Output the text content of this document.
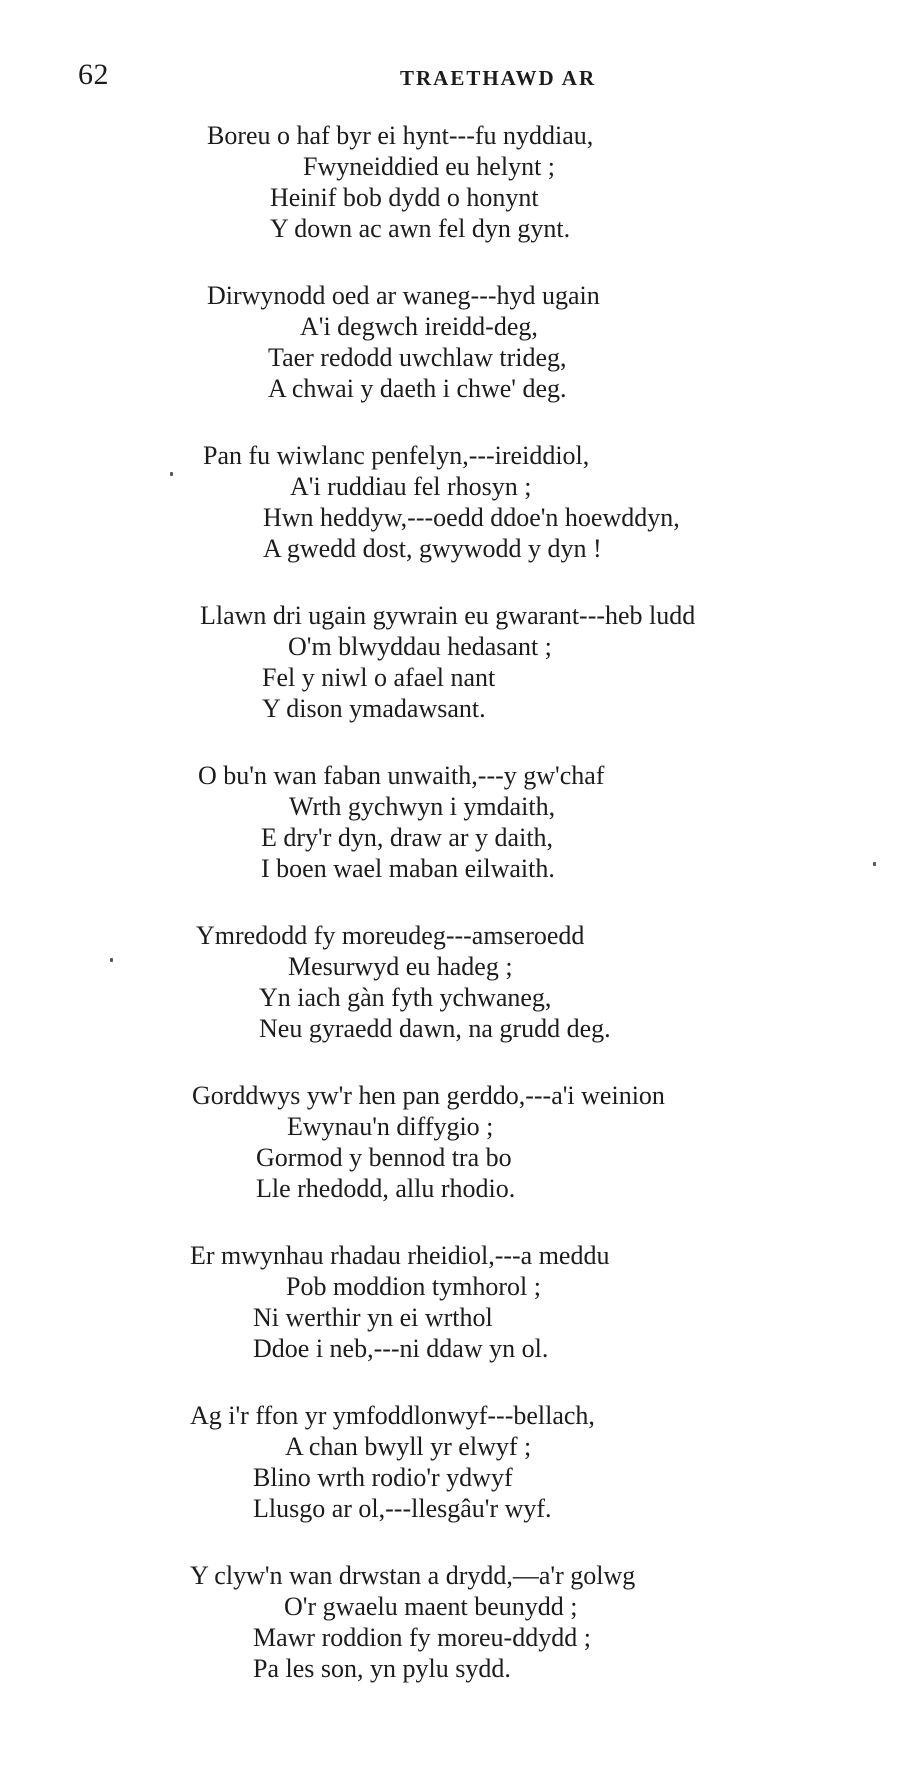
62	TRAETHAWD AR
Boreu o haf byr ei hynt---fu nyddiau,
Fwyneiddied eu helynt ;
Heinif bob dydd o honynt
Y down ac awn fel dyn gynt.
Dirwynodd oed ar waneg---hyd ugain
A'i degwch ireidd-deg,
Taer redodd uwchlaw trideg,
A chwai y daeth i chwe' deg.
Pan fu wiwlanc penfelyn,---ireiddiol,
A'i ruddiau fel rhosyn ;
Hwn heddyw,---oedd ddoe'n hoewddyn,
A gwedd dost, gwywodd y dyn !
Llawn dri ugain gywrain eu gwarant---heb ludd
O'm blwyddau hedasant ;
Fel y niwl o afael nant
Y dison ymadawsant.
O bu'n wan faban unwaith,---y gw'chaf
Wrth gychwyn i ymdaith,
E dry'r dyn, draw ar y daith,
I boen wael maban eilwaith.
Ymredodd fy moreudeg---amseroedd
Mesurwyd eu hadeg ;
Yn iach gàn fyth ychwaneg,
Neu gyraedd dawn, na grudd deg.
Gorddwys yw'r hen pan gerddo,---a'i weinion
Ewynau'n diffygio ;
Gormod y bennod tra bo
Lle rhedodd, allu rhodio.
Er mwynhau rhadau rheidiol,---a meddu
Pob moddion tymhorol ;
Ni werthir yn ei wrthol
Ddoe i neb,---ni ddaw yn ol.
Ag i'r ffon yr ymfoddlonwyf---bellach,
A chan bwyll yr elwyf ;
Blino wrth rodio'r ydwyf
Llusgo ar ol,---llesgâu'r wyf.
Y clyw'n wan drwstan a drydd,—a'r golwg
O'r gwaelu maent beunydd ;
Mawr roddion fy moreu-ddydd ;
Pa les son, yn pylu sydd.
